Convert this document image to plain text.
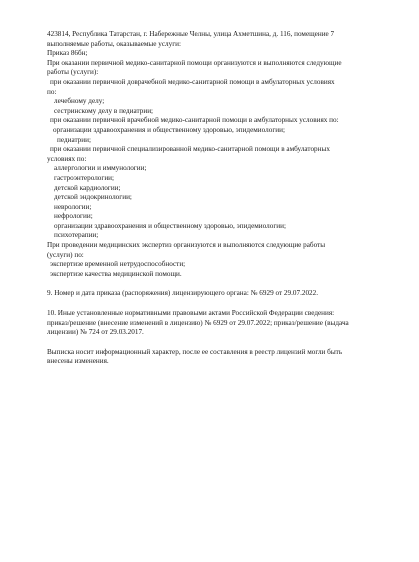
423814, Республика Татарстан, г. Набережные Челны, улица Ахметшина, д. 116, помещение 7
выполняемые работы, оказываемые услуги:
Приказ 86бн;
При оказании первичной медико-санитарной помощи организуются и выполняются следующие
работы (услуги):
при оказании первичной доврачебной медико-санитарной помощи в амбулаторных условиях
по:
лечебному делу;
сестринскому делу в педиатрии;
при оказании первичной врачебной медико-санитарной помощи в амбулаторных условиях по:
организации здравоохранения и общественному здоровью, эпидемиологии;
педиатрии;
при оказании первичной специализированной медико-санитарной помощи в амбулаторных
условиях по:
аллергологии и иммунологии;
гастроэнтерологии;
детской кардиологии;
детской эндокринологии;
неврологии;
нефрологии;
организации здравоохранения и общественному здоровью, эпидемиологии;
психотерапии;
При проведении медицинских экспертиз организуются и выполняются следующие работы
(услуги) по:
экспертизе временной нетрудоспособности;
экспертизе качества медицинской помощи.
9. Номер и дата приказа (распоряжения) лицензирующего органа: № 6929 от 29.07.2022.
10. Иные установленные нормативными правовыми актами Российской Федерации сведения:
приказ/решение (внесение изменений в лицензию) № 6929 от 29.07.2022; приказ/решение (выдача
лицензии) № 724 от 29.03.2017.
Выписка носит информационный характер, после ее составления в реестр лицензий могли быть
внесены изменения.
